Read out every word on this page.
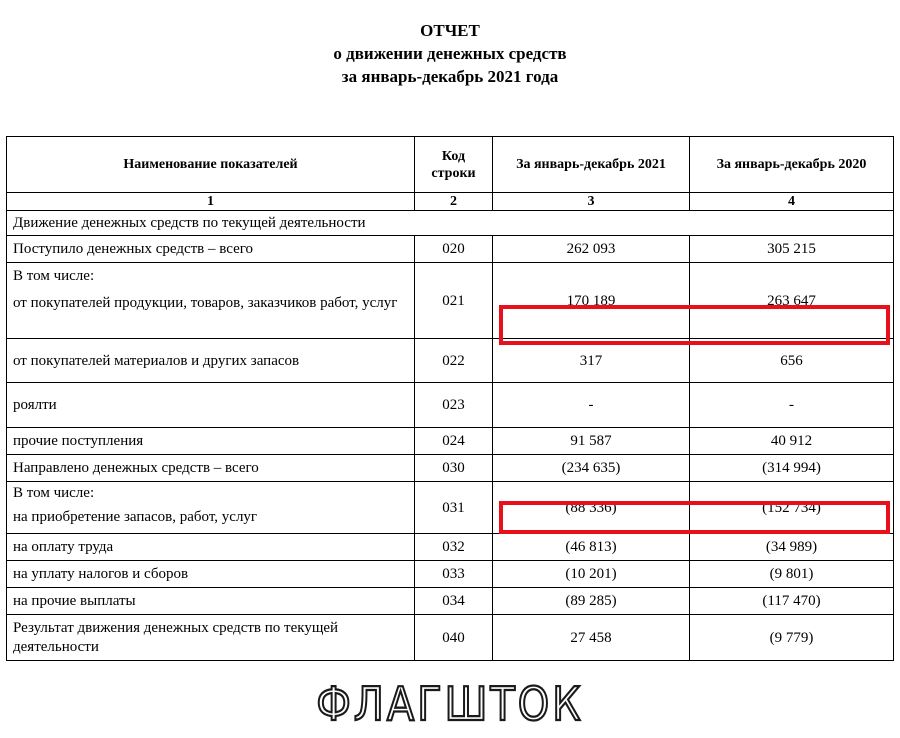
ОТЧЕТ
о движении денежных средств
за январь-декабрь 2021 года
Наименование показателей	Код строки	За январь-декабрь 2021	За январь-декабрь 2020
1	2	3	4
Движение денежных средств по текущей деятельности			
Поступило денежных средств – всего	020	262 093	305 215

В том числе:
от покупателей продукции, товаров, заказчиков работ, услуг	021	170 189	263 647
от покупателей материалов и других запасов	022	317	656
роялти	023	-	-
прочие поступления	024	91 587	40 912
Направлено денежных средств – всего	030	(234 635)	(314 994)

В том числе:
на приобретение запасов, работ, услуг	031	(88 336)	(152 734)
на оплату труда	032	(46 813)	(34 989)
на уплату налогов и сборов	033	(10 201)	(9 801)
на прочие выплаты	034	(89 285)	(117 470)
Результат движения денежных средств по текущей деятельности	040	27 458	(9 779)
ФЛАГШТОК
